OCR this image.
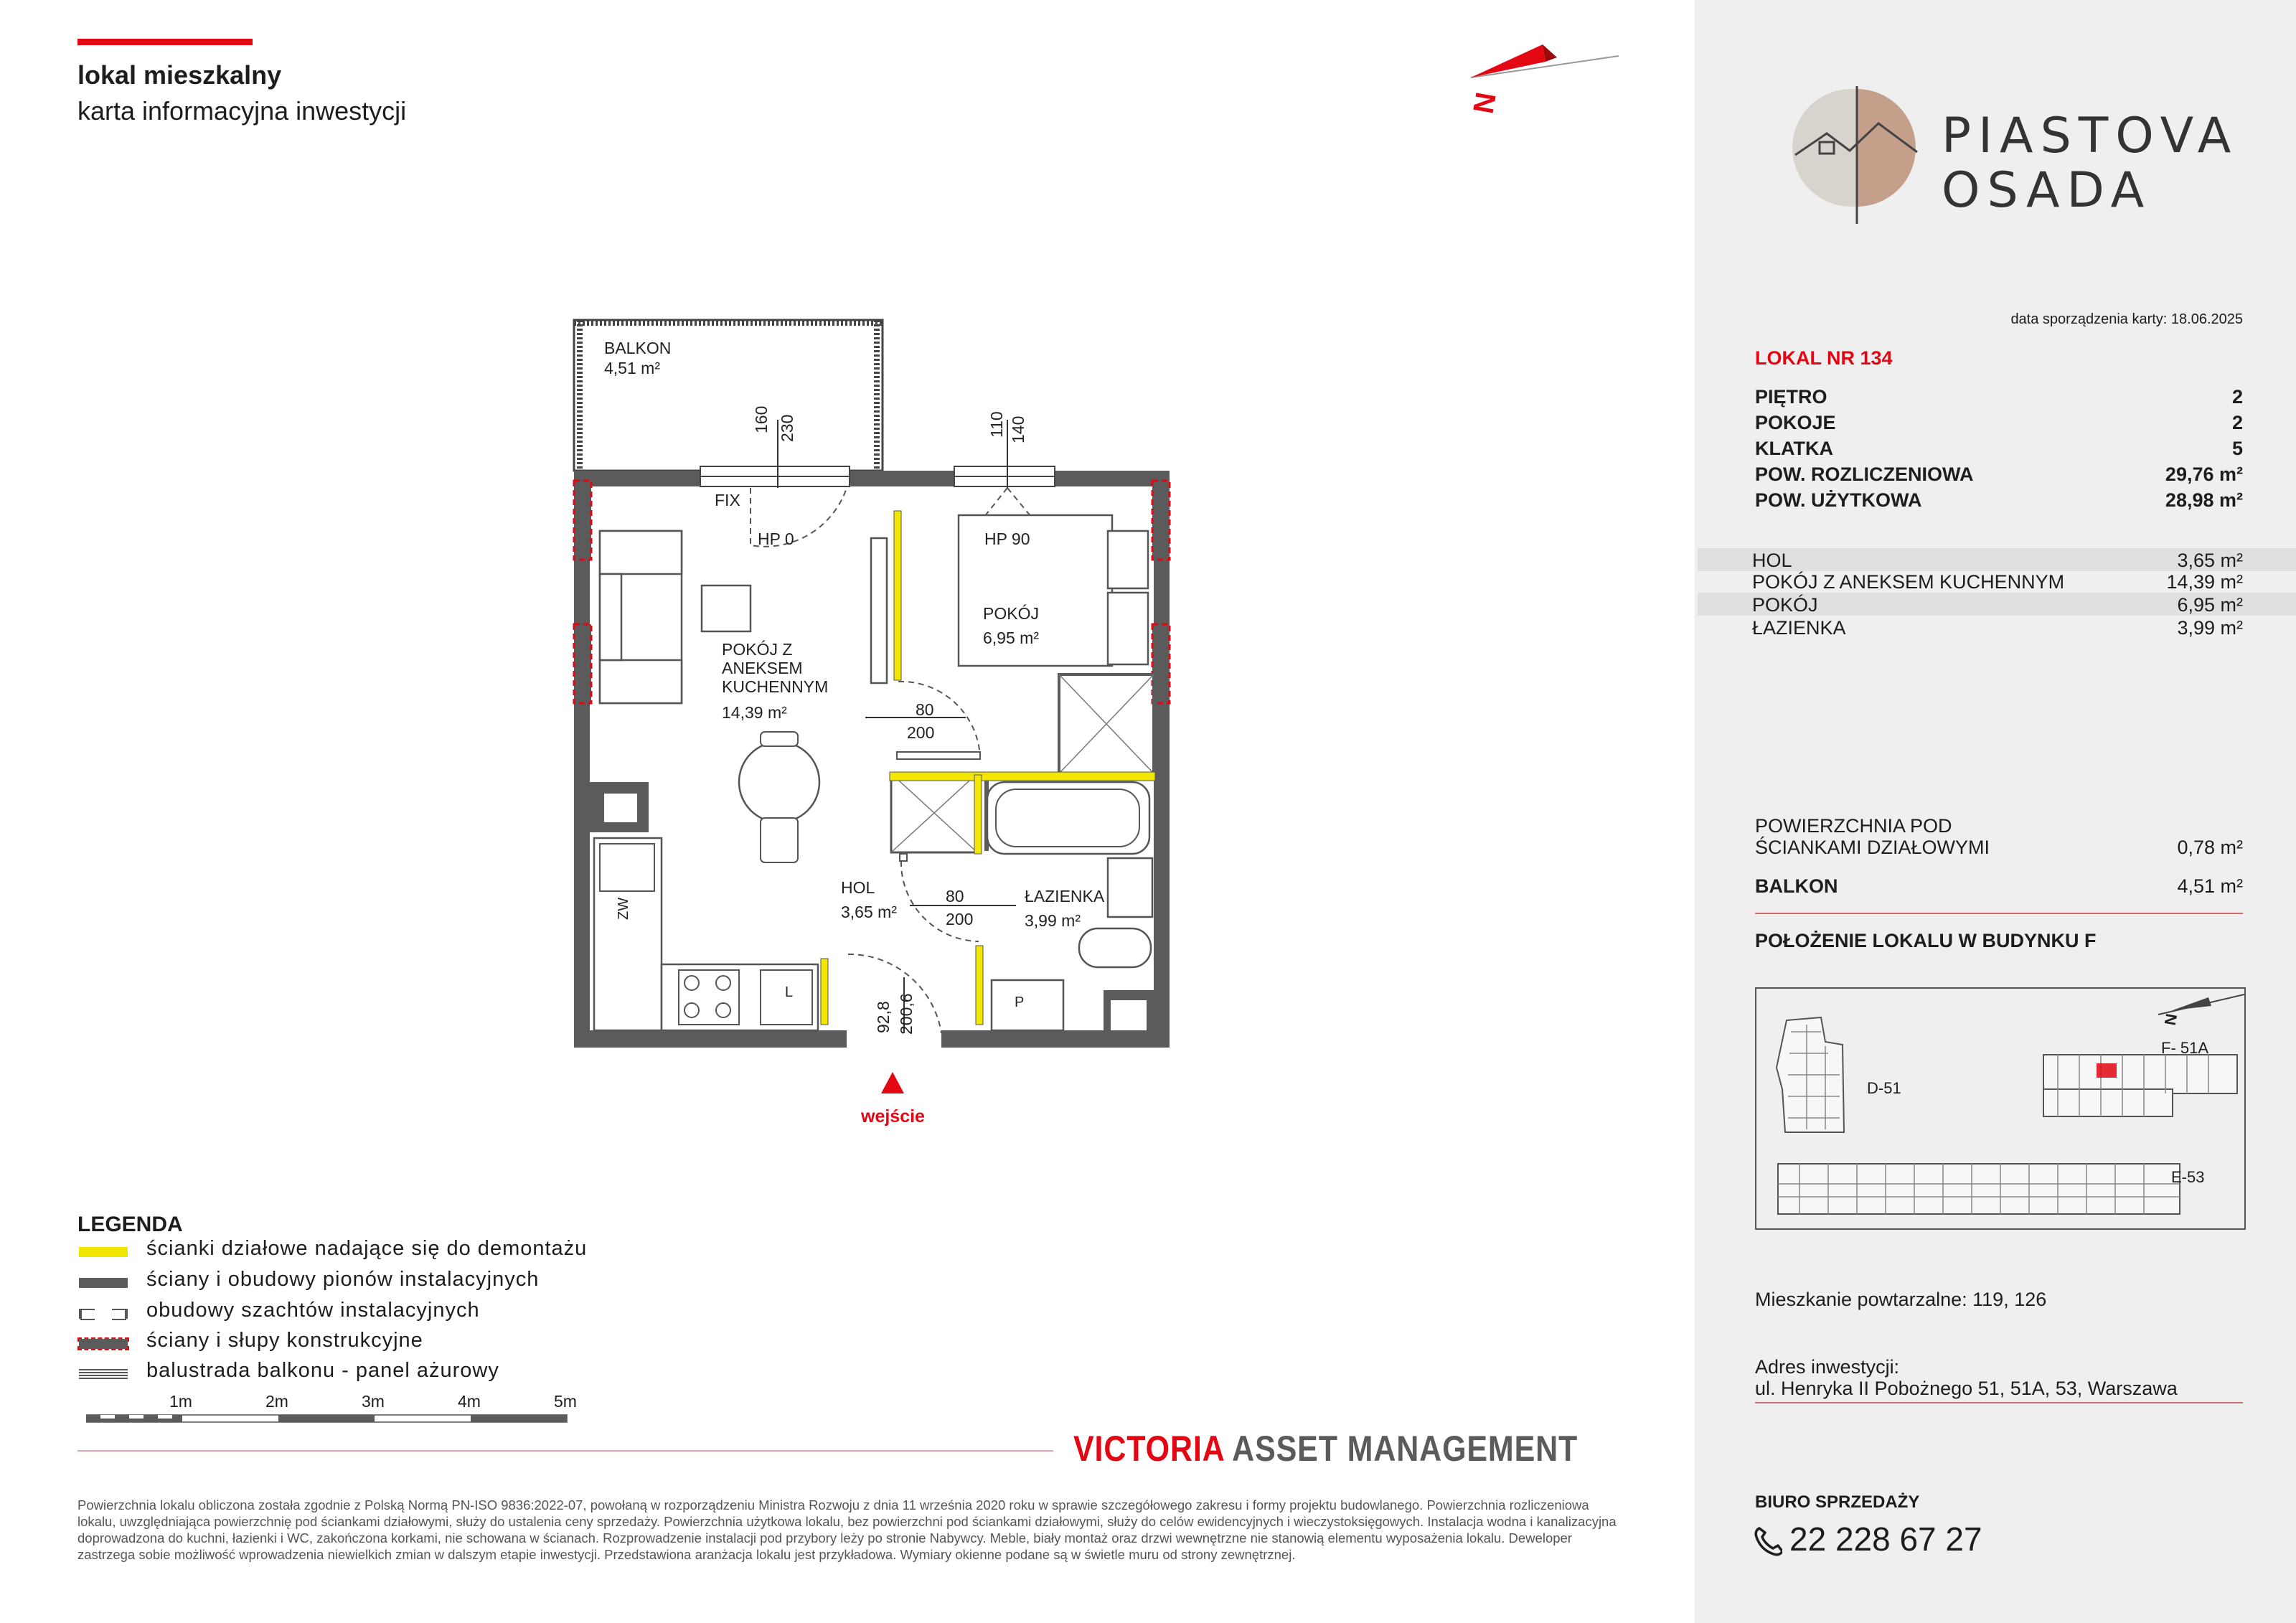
lokal mieszkalny
karta informacyjna inwestycji	N
BALKON
4,51 m²
POKÓJ Z
ANEKSEM
KUCHENNYM
14,39 m²
POKÓJ
6,95 m²
HOL
3,65 m²
ŁAZIENKA
3,99 m²
FIX
HP 0	HP 90
80
200
80
200
160 230	110 140
92,8 200,6
ZW
L
P
wejście
LEGENDA
ścianki działowe nadające się do demontażu
ściany i obudowy pionów instalacyjnych
obudowy szachtów instalacyjnych
ściany i słupy konstrukcyjne
balustrada balkonu - panel ażurowy
1m	2m	3m	4m	5m
VICTORIA ASSET MANAGEMENT
Powierzchnia lokalu obliczona została zgodnie z Polską Normą PN-ISO 9836:2022-07, powołaną w rozporządzeniu Ministra Rozwoju z dnia 11 września 2020 roku w sprawie szczegółowego zakresu i formy projektu budowlanego. Powierzchnia rozliczeniowa lokalu, uwzględniająca powierzchnię pod ściankami działowymi, służy do ustalenia ceny sprzedaży. Powierzchnia użytkowa lokalu, bez powierzchni pod ściankami działowymi, służy do celów ewidencyjnych i wieczystoksięgowych. Instalacja wodna i kanalizacyjna doprowadzona do kuchni, łazienki i WC, zakończona korkami, nie schowana w ścianach. Rozprowadzenie instalacji pod przybory leży po stronie Nabywcy. Meble, biały montaż oraz drzwi wewnętrzne nie stanowią elementu wyposażenia lokalu. Deweloper zastrzega sobie możliwość wprowadzenia niewielkich zmian w dalszym etapie inwestycji. Przedstawiona aranżacja lokalu jest przykładowa. Wymiary okienne podane są w świetle muru od strony zewnętrznej.
PIASTOVA
OSADA
data sporządzenia karty: 18.06.2025
LOKAL NR 134
PIĘTRO	2
POKOJE	2
KLATKA	5
POW. ROZLICZENIOWA	29,76 m²
POW. UŻYTKOWA	28,98 m²
HOL	3,65 m²
POKÓJ Z ANEKSEM KUCHENNYM	14,39 m²
POKÓJ	6,95 m²
ŁAZIENKA	3,99 m²
POWIERZCHNIA POD
ŚCIANKAMI DZIAŁOWYMI	0,78 m²
BALKON	4,51 m²
POŁOŻENIE LOKALU W BUDYNKU F
D-51
F- 51A
E-53
N
Mieszkanie powtarzalne: 119, 126
Adres inwestycji:
ul. Henryka II Pobożnego 51, 51A, 53, Warszawa
BIURO SPRZEDAŻY
22 228 67 27
